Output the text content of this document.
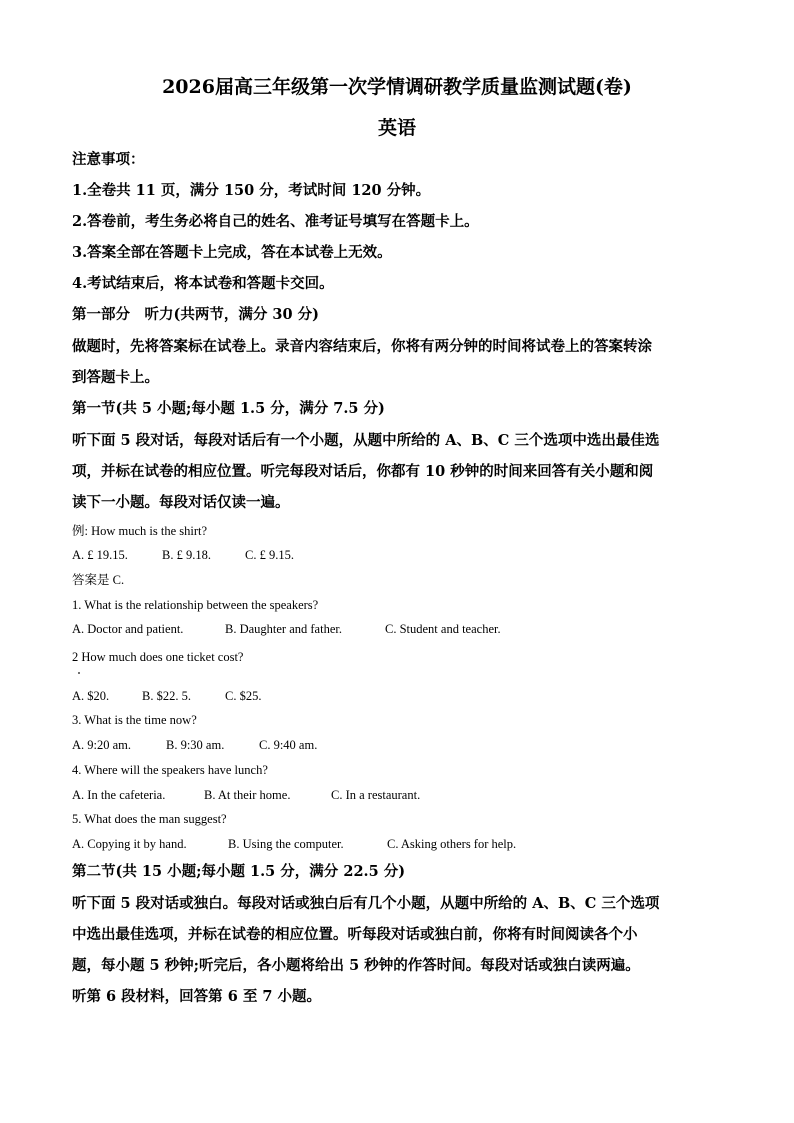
2026届高三年级第一次学情调研教学质量监测试题(卷)
英语
注意事项：
1.全卷共 11 页，满分 150 分，考试时间 120 分钟。
2.答卷前，考生务必将自己的姓名、准考证号填写在答题卡上。
3.答案全部在答题卡上完成，答在本试卷上无效。
4.考试结束后，将本试卷和答题卡交回。
第一部分　听力(共两节，满分 30 分)
做题时，先将答案标在试卷上。录音内容结束后，你将有两分钟的时间将试卷上的答案转涂
到答题卡上。
第一节(共 5 小题;每小题 1.5 分，满分 7.5 分)
听下面 5 段对话，每段对话后有一个小题，从题中所给的 A、B、C 三个选项中选出最佳选
项，并标在试卷的相应位置。听完每段对话后，你都有 10 秒钟的时间来回答有关小题和阅
读下一小题。每段对话仅读一遍。
例: How much is the shirt?
A. £ 19.15.	B. £ 9.18.	C. £ 9.15.
答案是 C.
1. What is the relationship between the speakers?
A. Doctor and patient.	B. Daughter and father.	C. Student and teacher.
2 How much does one ticket cost?
A. $20.	B. $22. 5.	C. $25.
3. What is the time now?
A. 9:20 am.	B. 9:30 am.	C. 9:40 am.
4. Where will the speakers have lunch?
A. In the cafeteria.	B. At their home.	C. In a restaurant.
5. What does the man suggest?
A. Copying it by hand.	B. Using the computer.	C. Asking others for help.
第二节(共 15 小题;每小题 1.5 分，满分 22.5 分)
听下面 5 段对话或独白。每段对话或独白后有几个小题，从题中所给的 A、B、C 三个选项
中选出最佳选项，并标在试卷的相应位置。听每段对话或独白前，你将有时间阅读各个小
题，每小题 5 秒钟;听完后，各小题将给出 5 秒钟的作答时间。每段对话或独白读两遍。
听第 6 段材料，回答第 6 至 7 小题。
